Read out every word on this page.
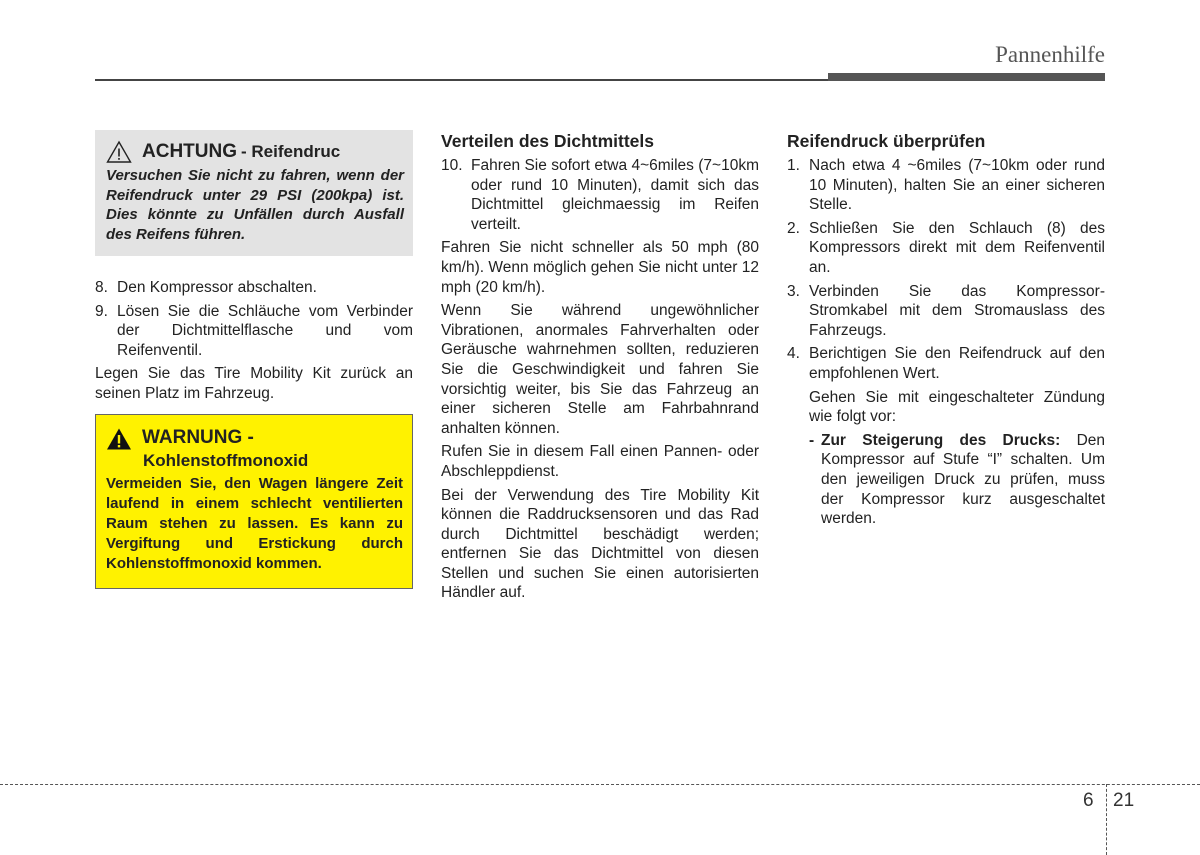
Pannenhilfe
ACHTUNG - Reifendruc
Versuchen Sie nicht zu fahren, wenn der Reifendruck unter 29 PSI (200kpa) ist. Dies könnte zu Unfällen durch Ausfall des Reifens führen.
8. Den Kompressor abschalten.
9. Lösen Sie die Schläuche vom Verbinder der Dichtmittelflasche und vom Reifenventil.

Legen Sie das Tire Mobility Kit zurück an seinen Platz im Fahrzeug.

WARNUNG -
Kohlenstoffmonoxid
Vermeiden Sie, den Wagen längere Zeit laufend in einem schlecht ventilierten Raum stehen zu lassen. Es kann zu Vergiftung und Erstickung durch Kohlenstoffmonoxid kommen.
Verteilen des Dichtmittels
10. Fahren Sie sofort etwa 4~6miles (7~10km oder rund 10 Minuten), damit sich das Dichtmittel gleichmaessig im Reifen verteilt.

Fahren Sie nicht schneller als 50 mph (80 km/h). Wenn möglich gehen Sie nicht unter 12 mph (20 km/h).

Wenn Sie während ungewöhnlicher Vibrationen, anormales Fahrverhalten oder Geräusche wahrnehmen sollten, reduzieren Sie die Geschwindigkeit und fahren Sie vorsichtig weiter, bis Sie das Fahrzeug an einer sicheren Stelle am Fahrbahnrand anhalten können.

Rufen Sie in diesem Fall einen Pannen- oder Abschleppdienst.

Bei der Verwendung des Tire Mobility Kit können die Raddrucksensoren und das Rad durch Dichtmittel beschädigt werden; entfernen Sie das Dichtmittel von diesen Stellen und suchen Sie einen autorisierten Händler auf.

Reifendruck überprüfen
1. Nach etwa 4 ~6miles (7~10km oder rund 10 Minuten), halten Sie an einer sicheren Stelle.
2. Schließen Sie den Schlauch (8) des Kompressors direkt mit dem Reifenventil an.
3. Verbinden Sie das Kompressor-Stromkabel mit dem Stromauslass des Fahrzeugs.
4. Berichtigen Sie den Reifendruck auf den empfohlenen Wert.

Gehen Sie mit eingeschalteter Zündung wie folgt vor:

- Zur Steigerung des Drucks: Den Kompressor auf Stufe “I” schalten. Um den jeweiligen Druck zu prüfen, muss der Kompressor kurz ausgeschaltet werden.
6 21
